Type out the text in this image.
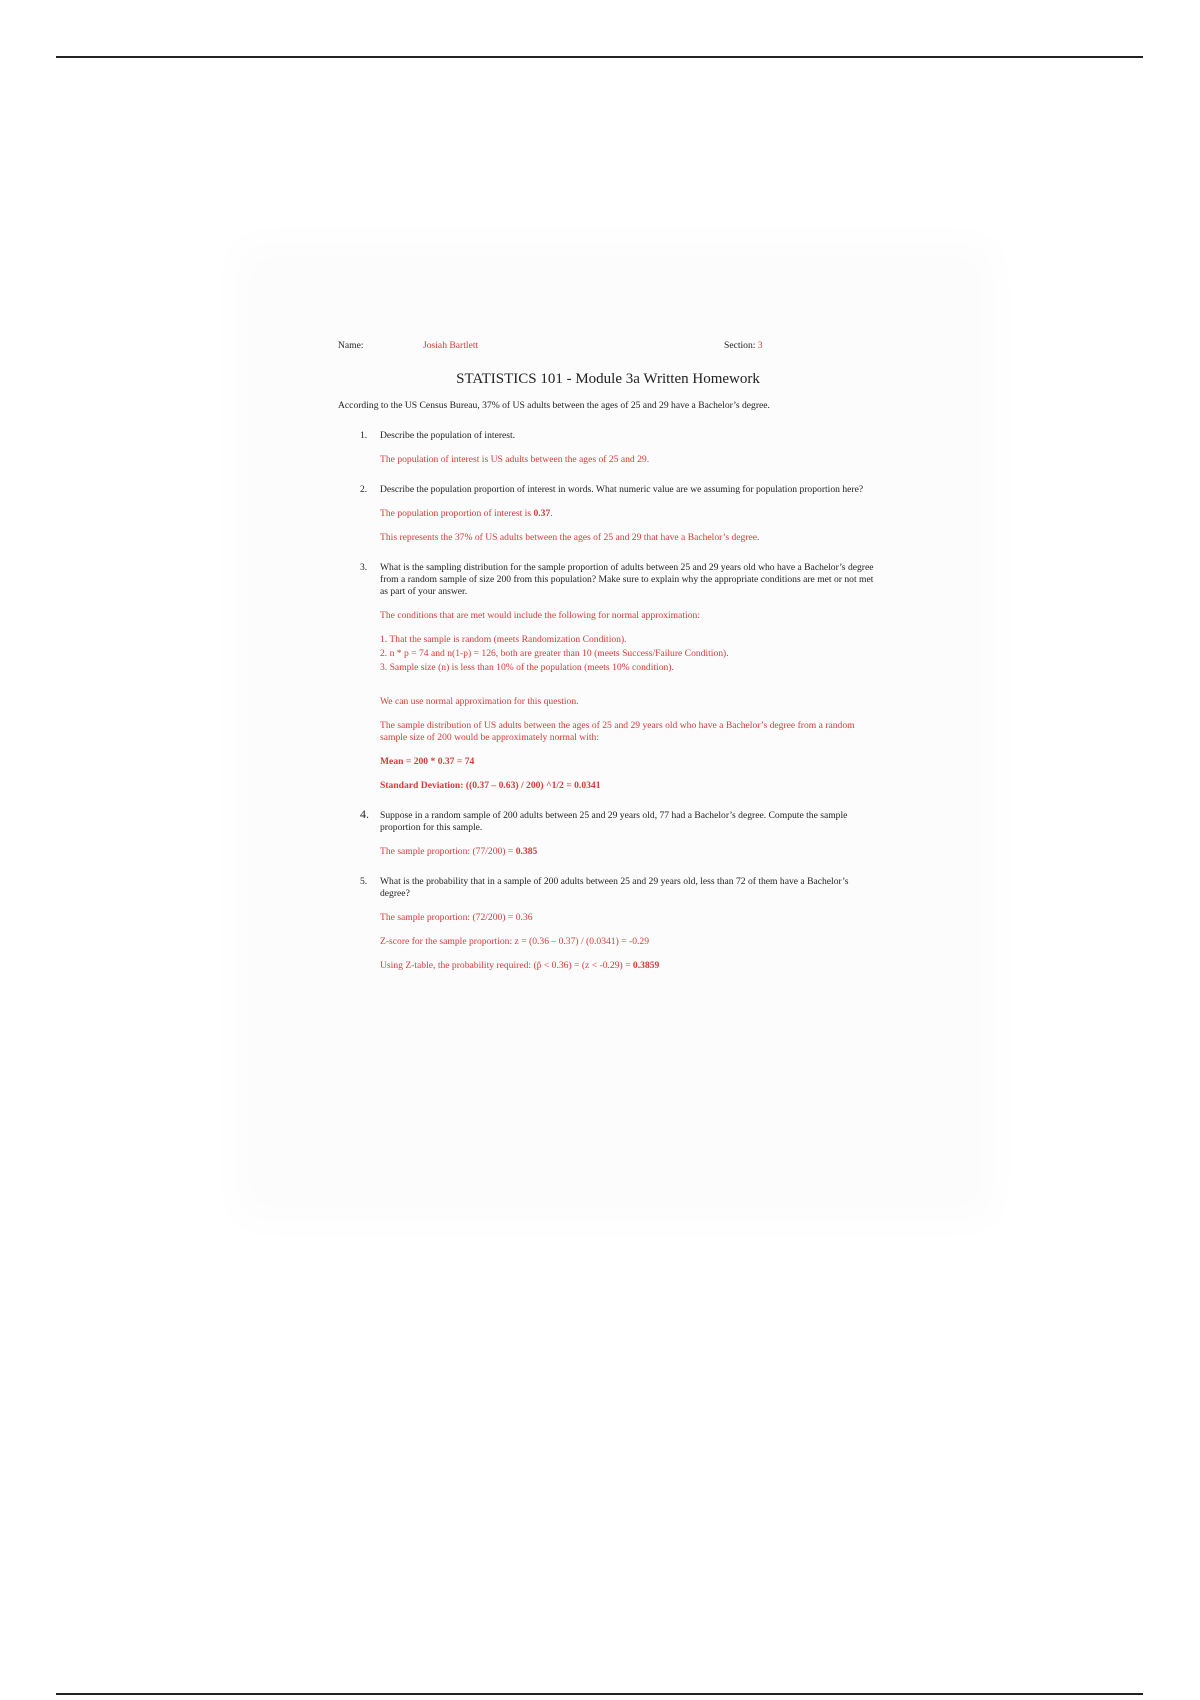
Name:	Josiah Bartlett	Section: 3
STATISTICS 101 - Module 3a Written Homework
According to the US Census Bureau, 37% of US adults between the ages of 25 and 29 have a Bachelor’s degree.
1. Describe the population of interest.
The population of interest is US adults between the ages of 25 and 29.
2. Describe the population proportion of interest in words. What numeric value are we assuming for population proportion here?
The population proportion of interest is 0.37.
This represents the 37% of US adults between the ages of 25 and 29 that have a Bachelor’s degree.
3. What is the sampling distribution for the sample proportion of adults between 25 and 29 years old who have a Bachelor’s degree from a random sample of size 200 from this population? Make sure to explain why the appropriate conditions are met or not met as part of your answer.
The conditions that are met would include the following for normal approximation:
1. That the sample is random (meets Randomization Condition).
2. n * p = 74 and n(1-p) = 126, both are greater than 10 (meets Success/Failure Condition).
3. Sample size (n) is less than 10% of the population (meets 10% condition).
We can use normal approximation for this question.
The sample distribution of US adults between the ages of 25 and 29 years old who have a Bachelor’s degree from a random sample size of 200 would be approximately normal with:
Mean = 200 * 0.37 = 74
Standard Deviation: ((0.37 – 0.63) / 200) ^1/2 = 0.0341
4. Suppose in a random sample of 200 adults between 25 and 29 years old, 77 had a Bachelor’s degree. Compute the sample proportion for this sample.
The sample proportion: (77/200) = 0.385
5. What is the probability that in a sample of 200 adults between 25 and 29 years old, less than 72 of them have a Bachelor’s degree?
The sample proportion: (72/200) = 0.36
Z-score for the sample proportion: z = (0.36 – 0.37) / (0.0341) = -0.29
Using Z-table, the probability required: (p̂ < 0.36) = (z < -0.29) = 0.3859
